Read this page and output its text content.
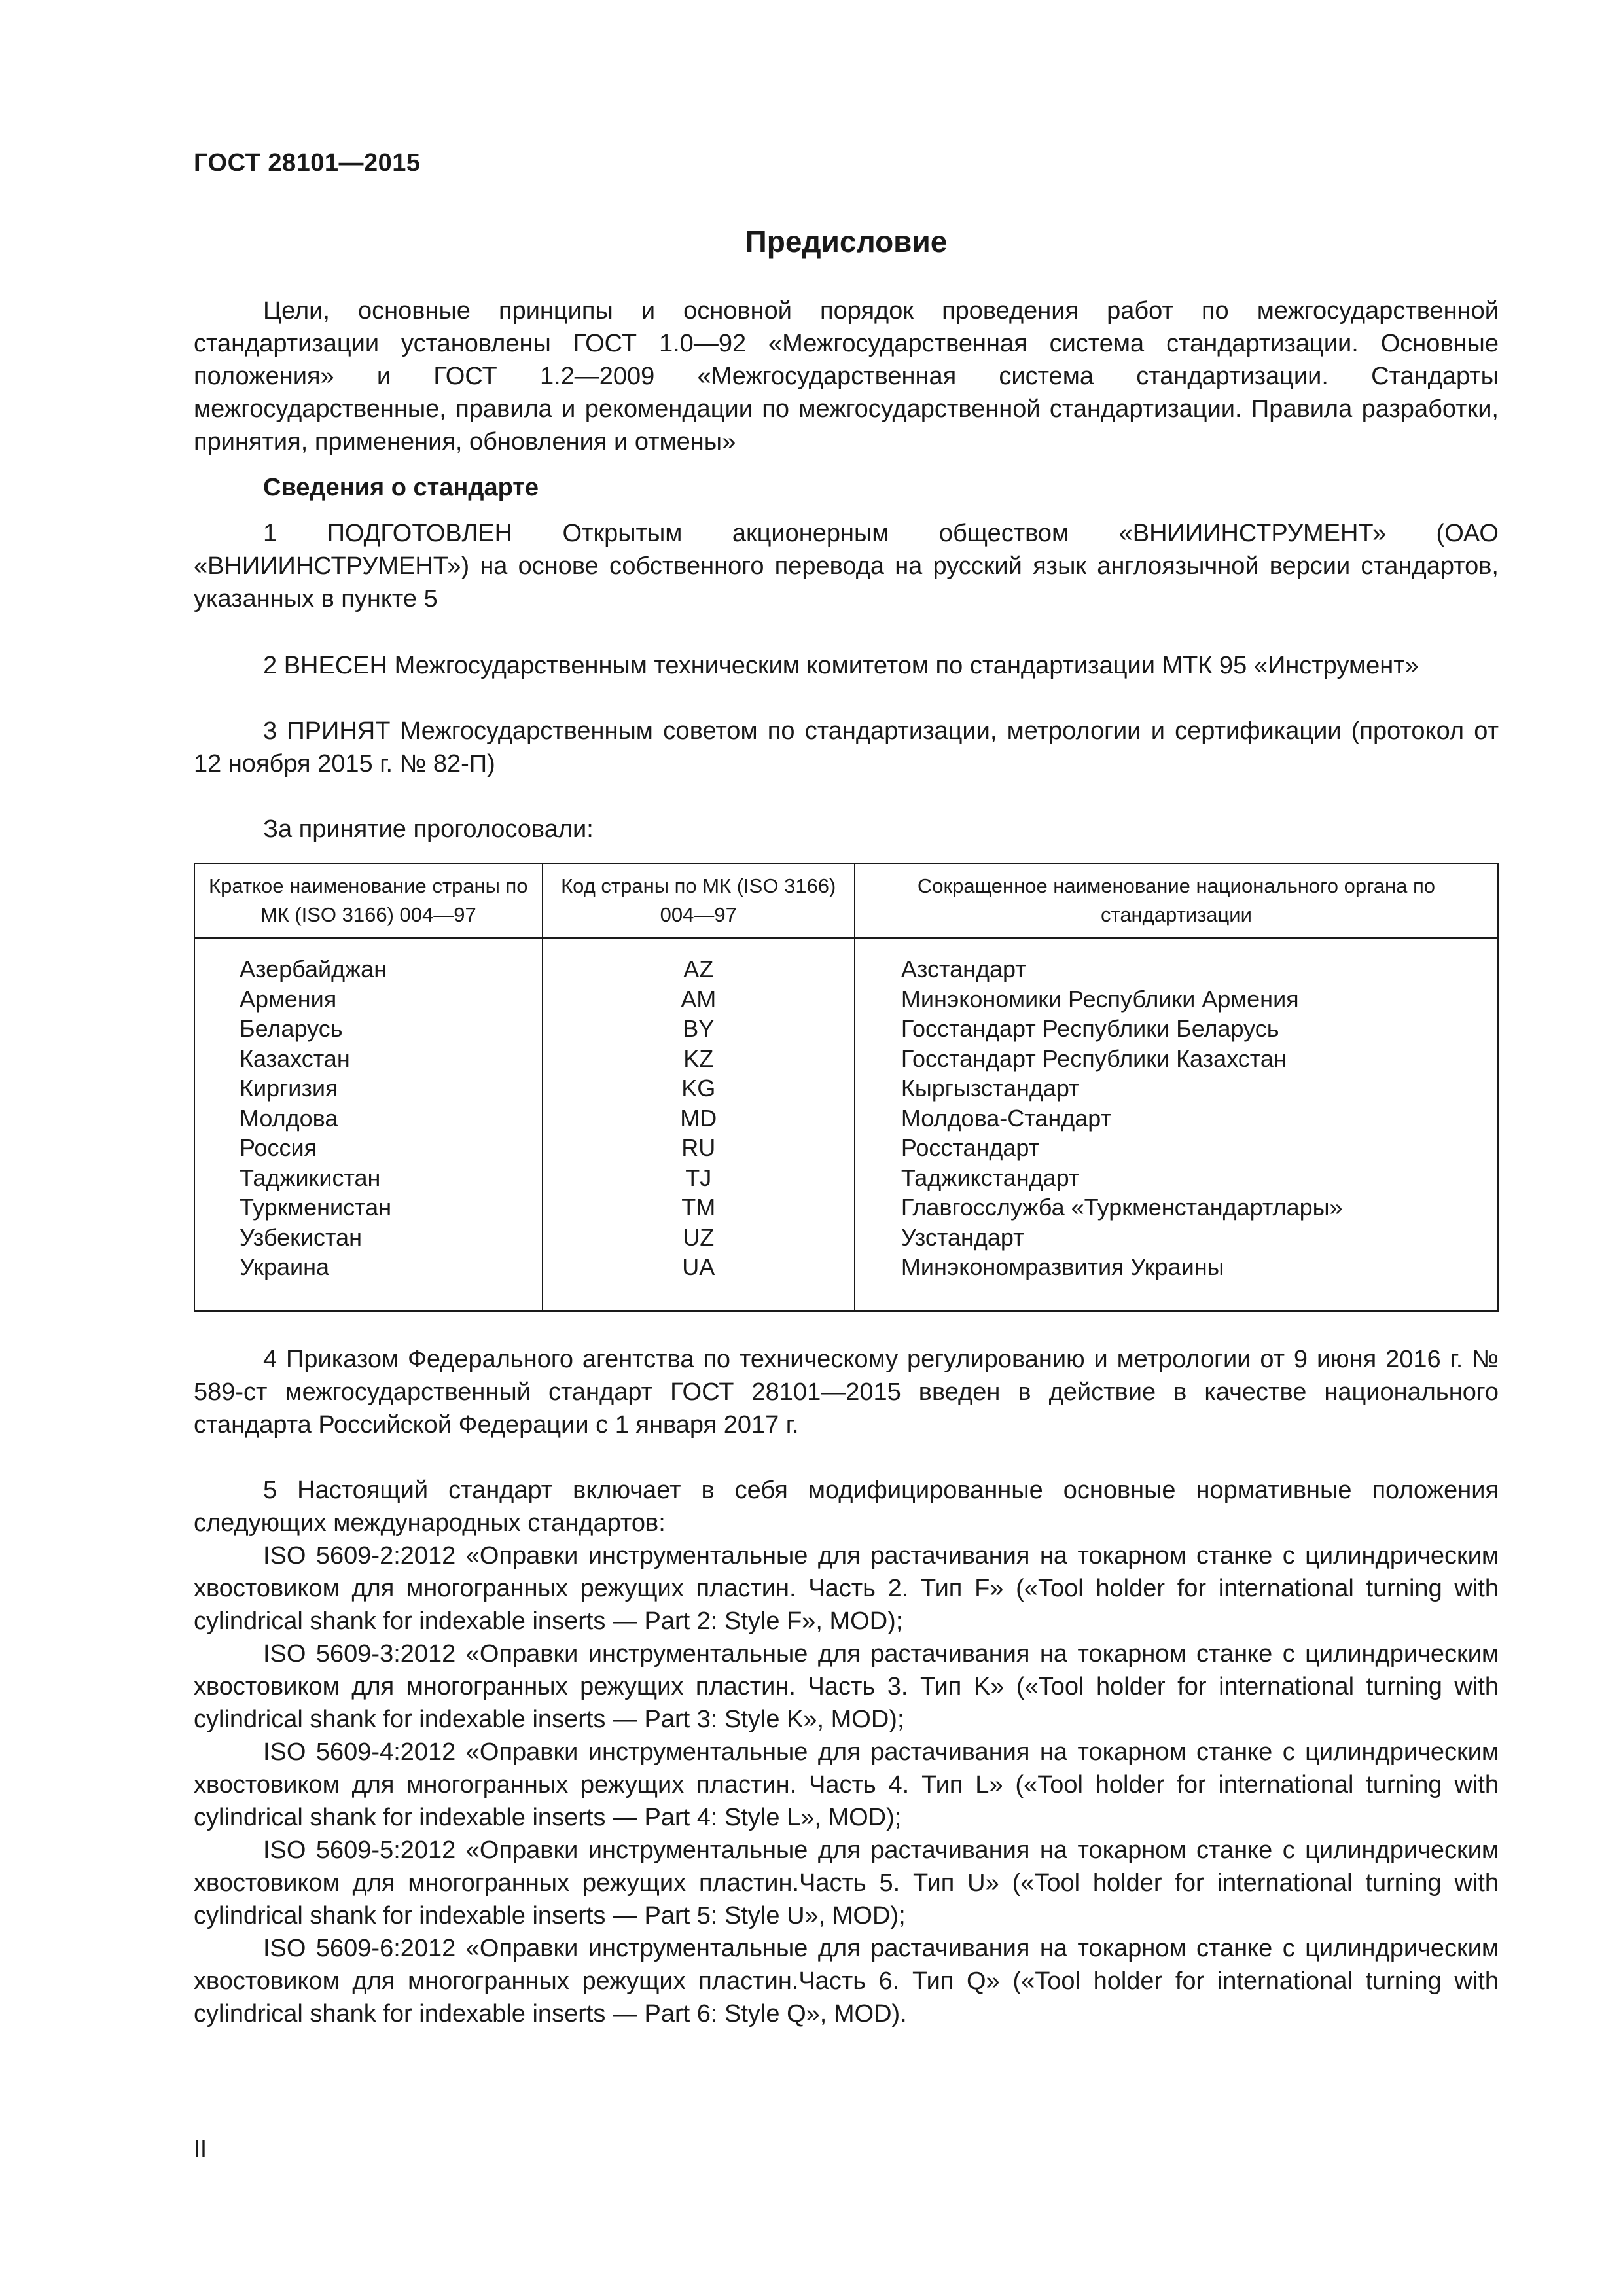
ГОСТ 28101—2015
Предисловие

Цели, основные принципы и основной порядок проведения работ по межгосударственной стандартизации установлены ГОСТ 1.0—92 «Межгосударственная система стандартизации. Основные положения» и ГОСТ 1.2—2009 «Межгосударственная система стандартизации. Стандарты межгосударственные, правила и рекомендации по межгосударственной стандартизации. Правила разработки, принятия, применения, обновления и отмены»

Сведения о стандарте

1 ПОДГОТОВЛЕН Открытым акционерным обществом «ВНИИИНСТРУМЕНТ» (ОАО «ВНИИИНСТРУМЕНТ») на основе собственного перевода на русский язык англоязычной версии стандартов, указанных в пункте 5

2 ВНЕСЕН Межгосударственным техническим комитетом по стандартизации МТК 95 «Инструмент»

3 ПРИНЯТ Межгосударственным советом по стандартизации, метрологии и сертификации (протокол от 12 ноября 2015 г. № 82-П)

За принятие проголосовали:

Краткое наименование страны по МК (ISO 3166) 004—97	Код страны по МК (ISO 3166) 004—97	Сокращенное наименование национального органа по стандартизации
Азербайджан	AZ	Азстандарт
Армения	AM	Минэкономики Республики Армения
Беларусь	BY	Госстандарт Республики Беларусь
Казахстан	KZ	Госстандарт Республики Казахстан
Киргизия	KG	Кыргызстандарт
Молдова	MD	Молдова-Стандарт
Россия	RU	Росстандарт
Таджикистан	TJ	Таджикстандарт
Туркменистан	TM	Главгосслужба «Туркменстандартлары»
Узбекистан	UZ	Узстандарт
Украина	UA	Минэкономразвития Украины

4 Приказом Федерального агентства по техническому регулированию и метрологии от 9 июня 2016 г. № 589-ст межгосударственный стандарт ГОСТ 28101—2015 введен в действие в качестве национального стандарта Российской Федерации с 1 января 2017 г.

5 Настоящий стандарт включает в себя модифицированные основные нормативные положения следующих международных стандартов:

ISO 5609-2:2012 «Оправки инструментальные для растачивания на токарном станке с цилиндрическим хвостовиком для многогранных режущих пластин. Часть 2. Тип F» («Tool holder for international turning with cylindrical shank for indexable inserts — Part 2: Style F», MOD);

ISO 5609-3:2012 «Оправки инструментальные для растачивания на токарном станке с цилиндрическим хвостовиком для многогранных режущих пластин. Часть 3. Тип K» («Tool holder for international turning with cylindrical shank for indexable inserts — Part 3: Style K», MOD);

ISO 5609-4:2012 «Оправки инструментальные для растачивания на токарном станке с цилиндрическим хвостовиком для многогранных режущих пластин. Часть 4. Тип L» («Tool holder for international turning with cylindrical shank for indexable inserts — Part 4: Style L», MOD);

ISO 5609-5:2012 «Оправки инструментальные для растачивания на токарном станке с цилиндрическим хвостовиком для многогранных режущих пластин.Часть 5. Тип U» («Tool holder for international turning with cylindrical shank for indexable inserts — Part 5: Style U», MOD);

ISO 5609-6:2012 «Оправки инструментальные для растачивания на токарном станке с цилиндрическим хвостовиком для многогранных режущих пластин.Часть 6. Тип Q» («Tool holder for international turning with cylindrical shank for indexable inserts — Part 6: Style Q», MOD).

II
